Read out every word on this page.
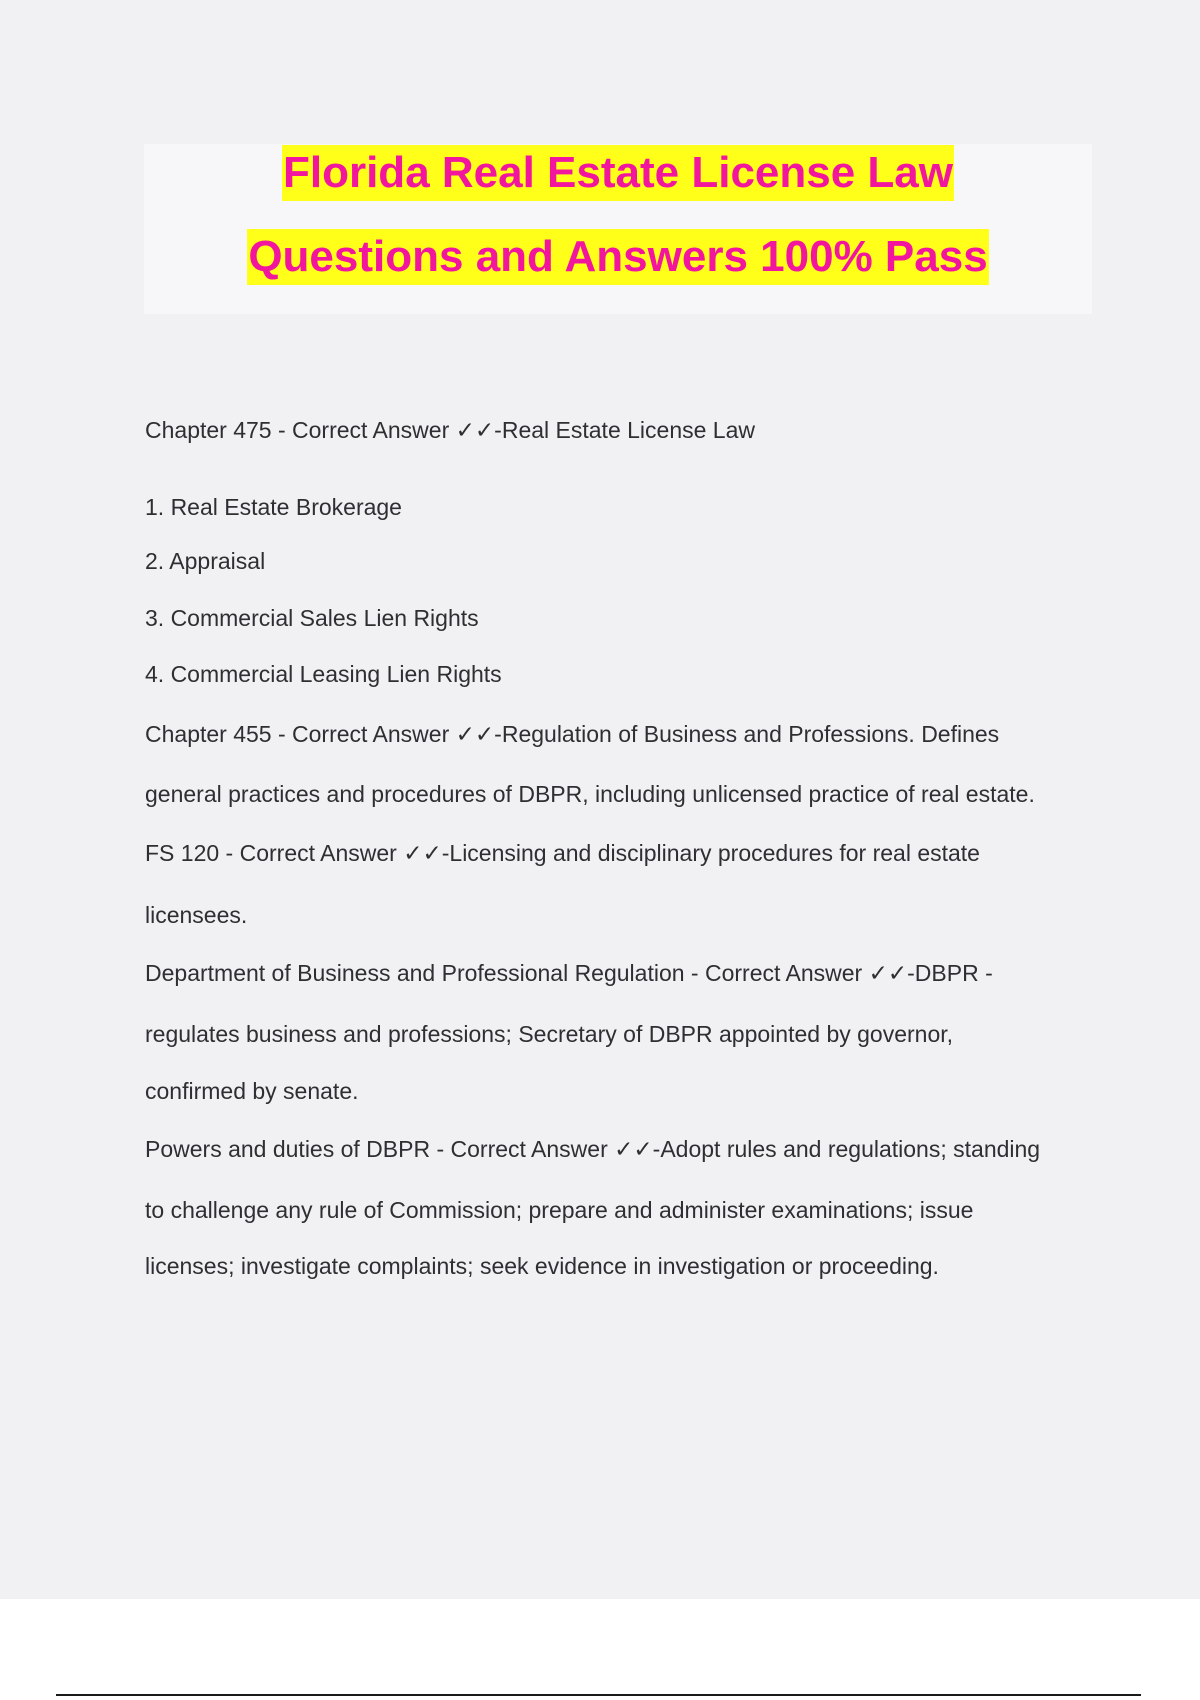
Florida Real Estate License Law
Questions and Answers 100% Pass
Chapter 475 - Correct Answer ✓✓-Real Estate License Law
1. Real Estate Brokerage
2. Appraisal
3. Commercial Sales Lien Rights
4. Commercial Leasing Lien Rights
Chapter 455 - Correct Answer ✓✓-Regulation of Business and Professions. Defines
general practices and procedures of DBPR, including unlicensed practice of real estate.
FS 120 - Correct Answer ✓✓-Licensing and disciplinary procedures for real estate
licensees.
Department of Business and Professional Regulation - Correct Answer ✓✓-DBPR -
regulates business and professions; Secretary of DBPR appointed by governor,
confirmed by senate.
Powers and duties of DBPR - Correct Answer ✓✓-Adopt rules and regulations; standing
to challenge any rule of Commission; prepare and administer examinations; issue
licenses; investigate complaints; seek evidence in investigation or proceeding.
